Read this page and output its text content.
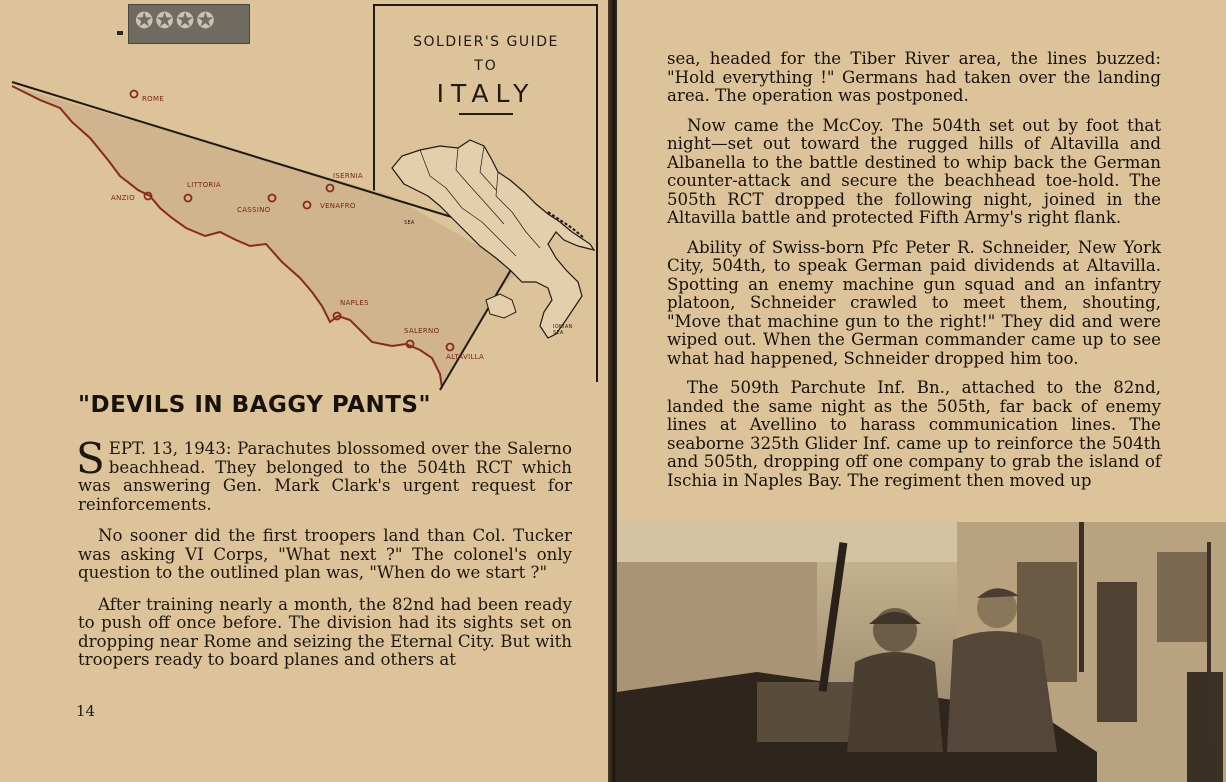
✪✪✪✪
ROME
LITTORIA
ANZIO
CASSINO
ISERNIA
VENAFRO
NAPLES
SALERNO
ALTAVILLA
SEA
IONIAN SEA
SOLDIER'S GUIDE
TO
ITALY
"DEVILS IN BAGGY PANTS"

SEPT. 13, 1943: Parachutes blossomed over the Salerno beachhead. They belonged to the 504th RCT which was answering Gen. Mark Clark's urgent request for reinforcements.

No sooner did the first troopers land than Col. Tucker was asking VI Corps, "What next ?" The colonel's only question to the outlined plan was, "When do we start ?"

After training nearly a month, the 82nd had been ready to push off once before. The division had its sights set on dropping near Rome and seizing the Eternal City. But with troopers ready to board planes and others at

14

sea, headed for the Tiber River area, the lines buzzed: "Hold everything !" Germans had taken over the landing area. The operation was postponed.

Now came the McCoy. The 504th set out by foot that night—set out toward the rugged hills of Altavilla and Albanella to the battle destined to whip back the German counter-attack and secure the beachhead toe-hold. The 505th RCT dropped the following night, joined in the Altavilla battle and protected Fifth Army's right flank.

Ability of Swiss-born Pfc Peter R. Schneider, New York City, 504th, to speak German paid dividends at Altavilla. Spotting an enemy machine gun squad and an infantry platoon, Schneider crawled to meet them, shouting, "Move that machine gun to the right!" They did and were wiped out. When the German commander came up to see what had happened, Schneider dropped him too.

The 509th Parchute Inf. Bn., attached to the 82nd, landed the same night as the 505th, far back of enemy lines at Avellino to harass communication lines. The seaborne 325th Glider Inf. came up to reinforce the 504th and 505th, dropping off one company to grab the island of Ischia in Naples Bay. The regiment then moved up
